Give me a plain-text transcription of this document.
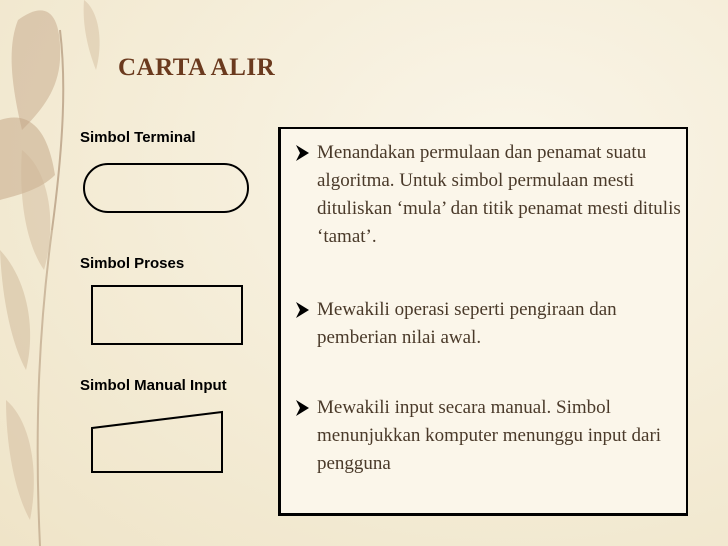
CARTA ALIR
Simbol Terminal
Simbol Proses
Simbol Manual Input
Menandakan permulaan dan penamat suatu algoritma. Untuk simbol permulaan mesti dituliskan ‘mula’ dan titik penamat mesti ditulis ‘tamat’.
Mewakili operasi seperti pengiraan dan pemberian nilai awal.
Mewakili input secara manual. Simbol menunjukkan komputer menunggu input dari pengguna
